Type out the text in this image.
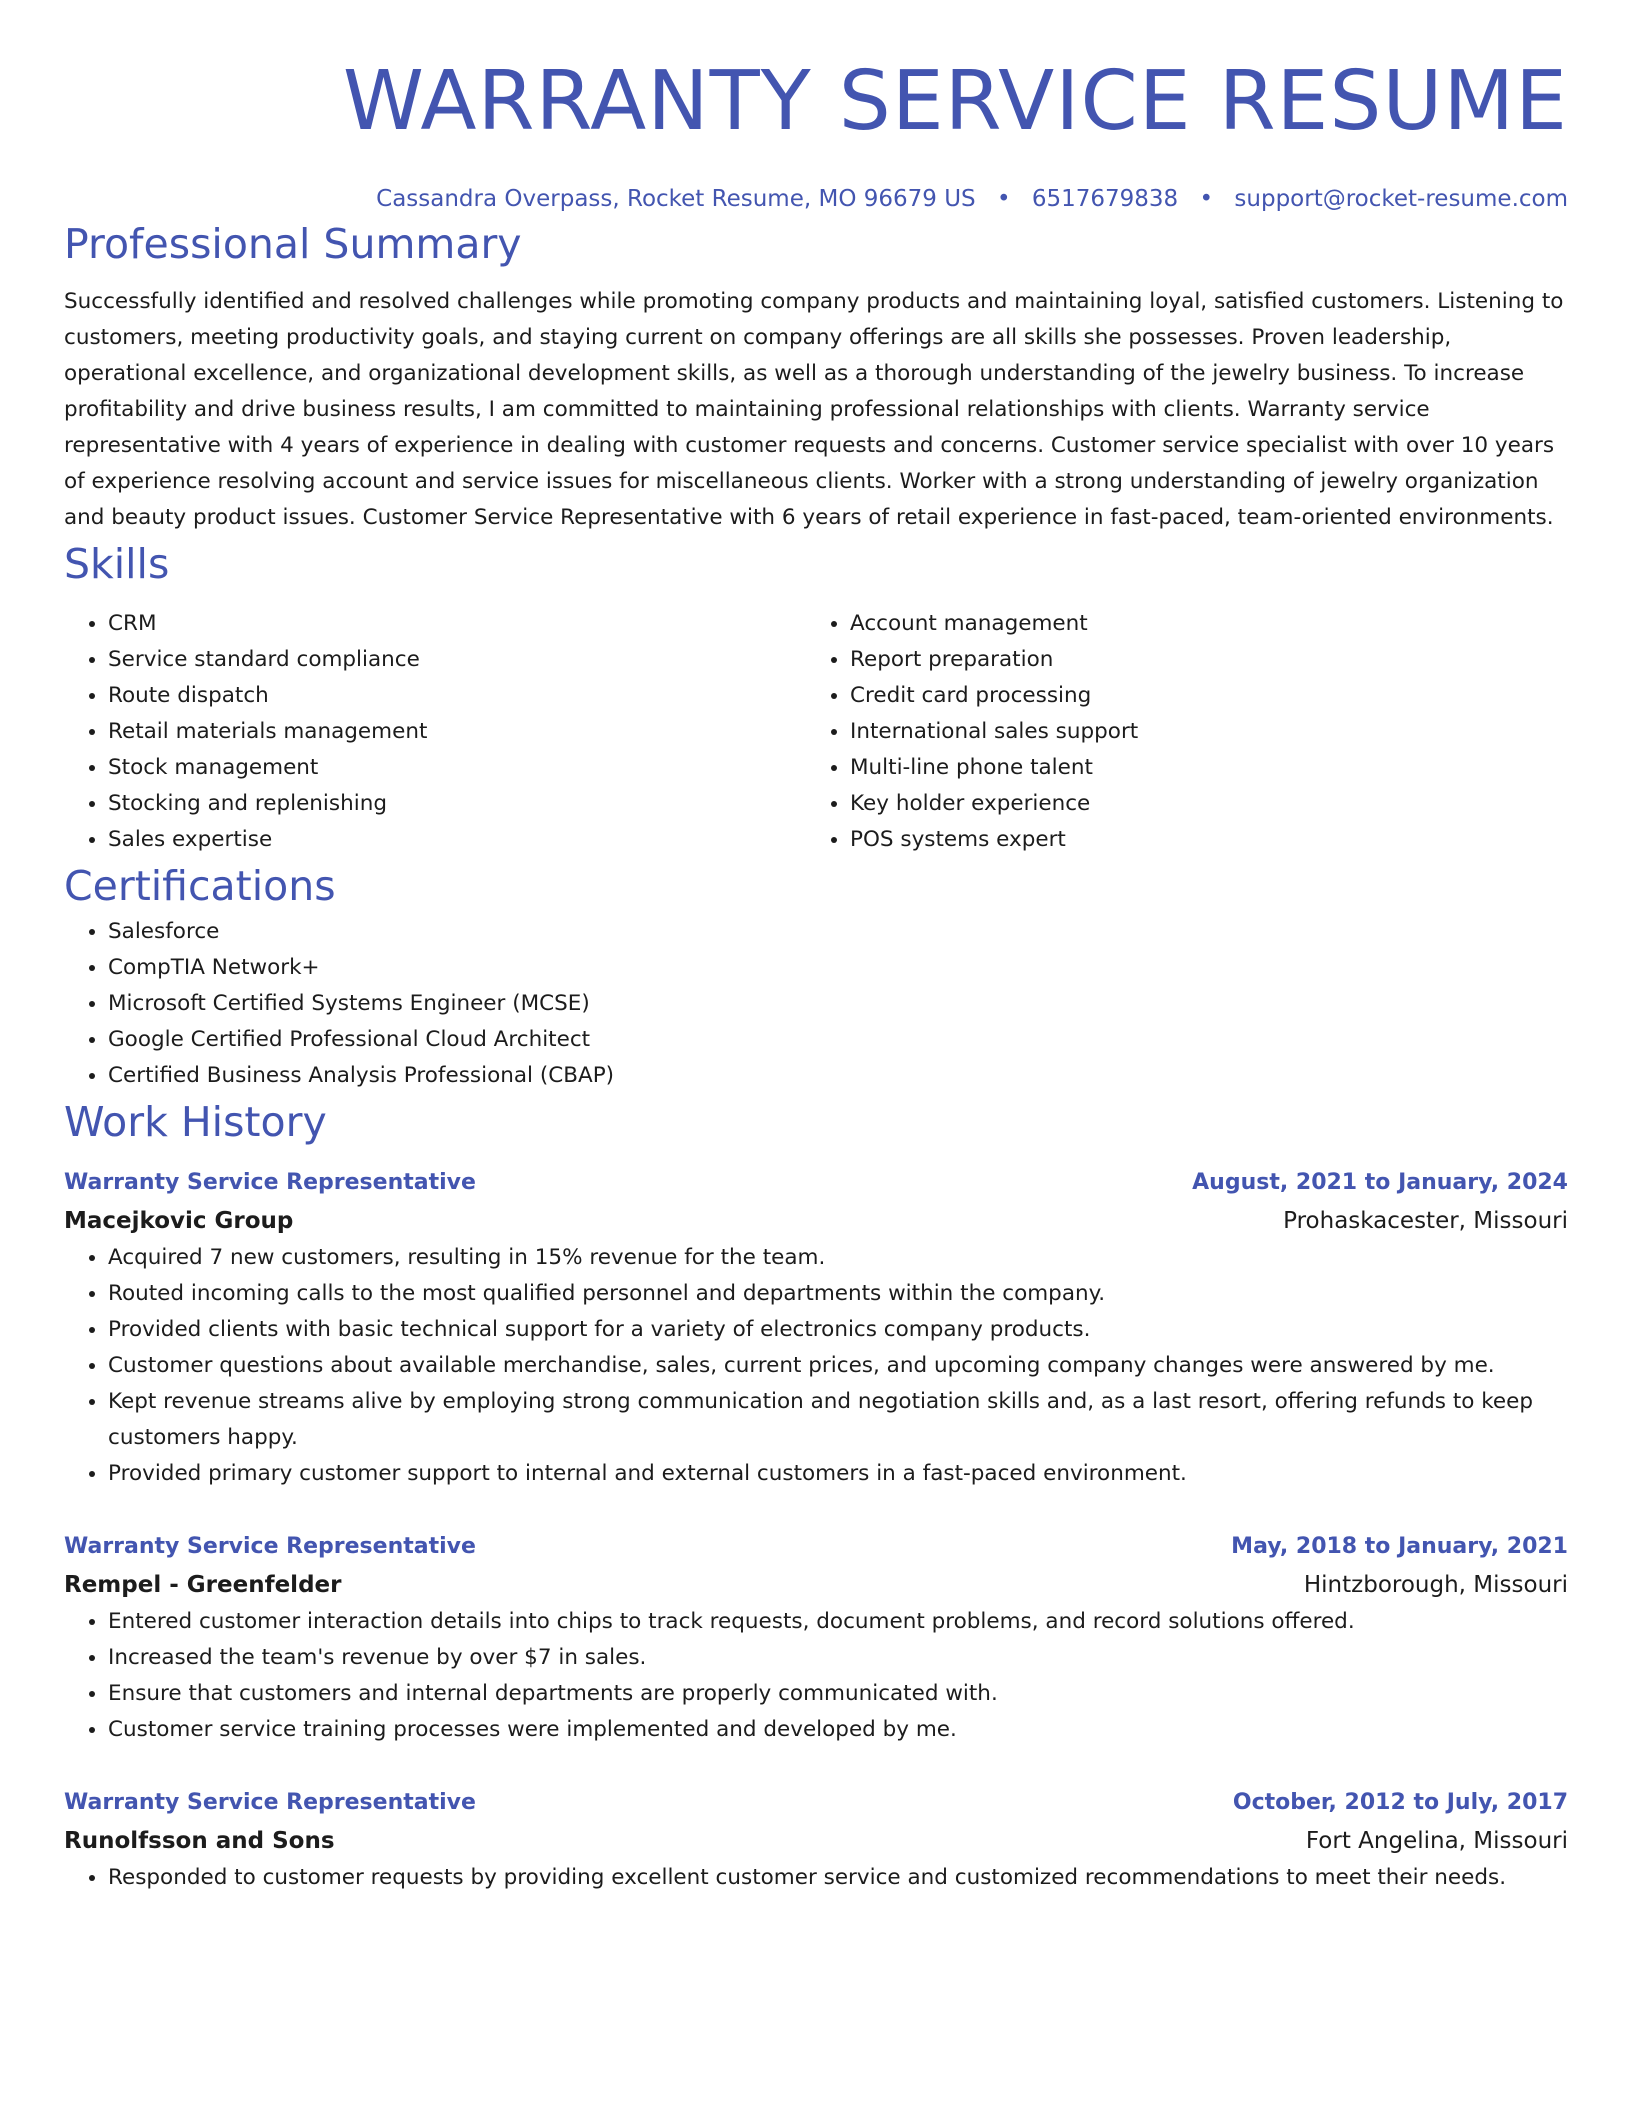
WARRANTY SERVICE RESUME
Cassandra Overpass, Rocket Resume, MO 96679 US • 6517679838 • support@rocket-resume.com
Professional Summary

Successfully identified and resolved challenges while promoting company products and maintaining loyal, satisfied customers. Listening to customers, meeting productivity goals, and staying current on company offerings are all skills she possesses. Proven leadership, operational excellence, and organizational development skills, as well as a thorough understanding of the jewelry business. To increase profitability and drive business results, I am committed to maintaining professional relationships with clients. Warranty service representative with 4 years of experience in dealing with customer requests and concerns. Customer service specialist with over 10 years of experience resolving account and service issues for miscellaneous clients. Worker with a strong understanding of jewelry organization and beauty product issues. Customer Service Representative with 6 years of retail experience in fast-paced, team-oriented environments.

Skills
• CRM
• Service standard compliance
• Route dispatch
• Retail materials management
• Stock management
• Stocking and replenishing
• Sales expertise
• Account management
• Report preparation
• Credit card processing
• International sales support
• Multi-line phone talent
• Key holder experience
• POS systems expert
Certifications
• Salesforce
• CompTIA Network+
• Microsoft Certified Systems Engineer (MCSE)
• Google Certified Professional Cloud Architect
• Certified Business Analysis Professional (CBAP)
Work History
Warranty Service Representative	August, 2021 to January, 2024
Macejkovic Group	Prohaskacester, Missouri
• Acquired 7 new customers, resulting in 15% revenue for the team.
• Routed incoming calls to the most qualified personnel and departments within the company.
• Provided clients with basic technical support for a variety of electronics company products.
• Customer questions about available merchandise, sales, current prices, and upcoming company changes were answered by me.
• Kept revenue streams alive by employing strong communication and negotiation skills and, as a last resort, offering refunds to keep customers happy.
• Provided primary customer support to internal and external customers in a fast-paced environment.
Warranty Service Representative	May, 2018 to January, 2021
Rempel - Greenfelder	Hintzborough, Missouri
• Entered customer interaction details into chips to track requests, document problems, and record solutions offered.
• Increased the team's revenue by over $7 in sales.
• Ensure that customers and internal departments are properly communicated with.
• Customer service training processes were implemented and developed by me.
Warranty Service Representative	October, 2012 to July, 2017
Runolfsson and Sons	Fort Angelina, Missouri
• Responded to customer requests by providing excellent customer service and customized recommendations to meet their needs.
